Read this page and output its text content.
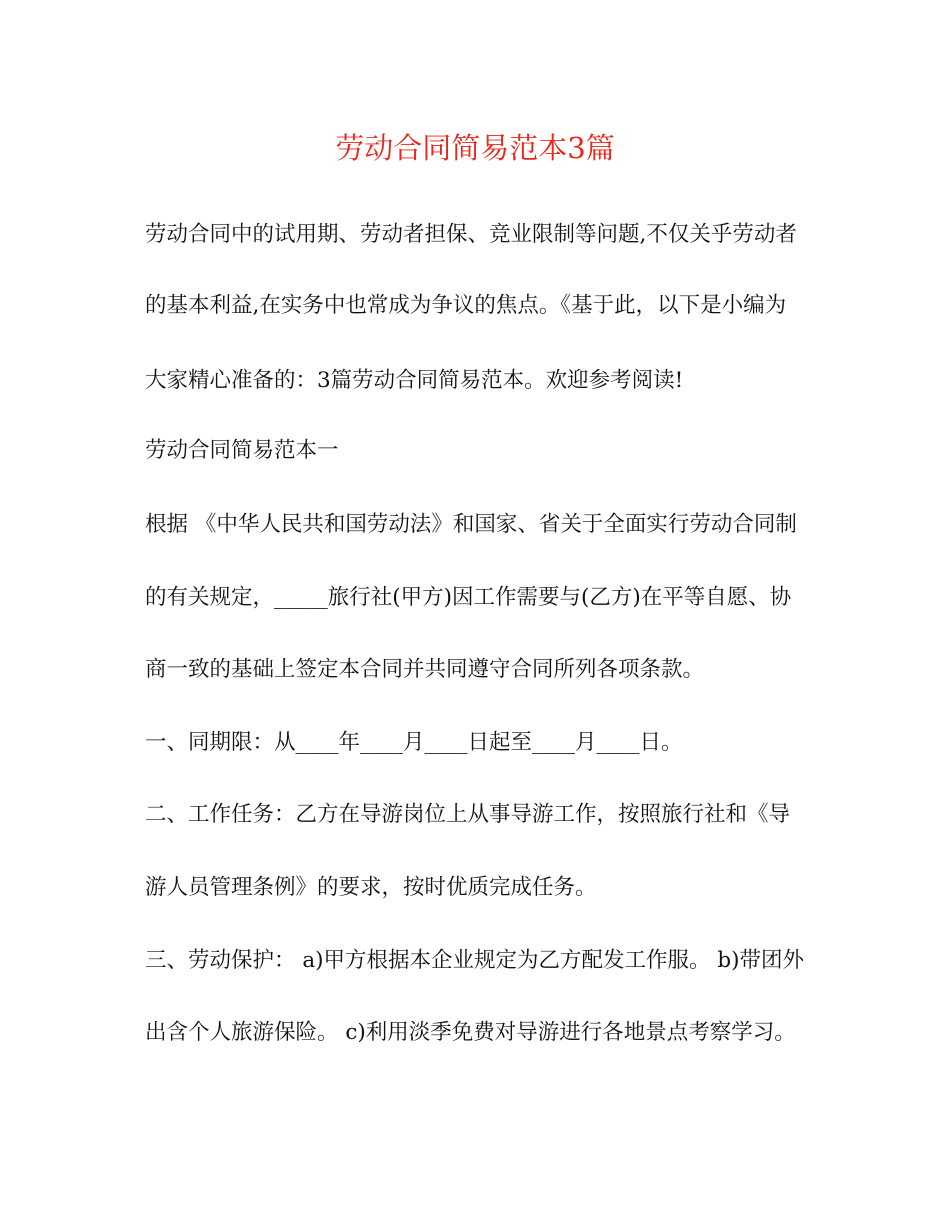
劳动合同简易范本3篇
劳动合同中的试用期、劳动者担保、竞业限制等问题,不仅关乎劳动者
的基本利益,在实务中也常成为争议的焦点。《基于此，以下是小编为
大家精心准备的：3篇劳动合同简易范本。欢迎参考阅读!
劳动合同简易范本一
根据 《中华人民共和国劳动法》和国家、省关于全面实行劳动合同制
的有关规定，_____旅行社(甲方)因工作需要与(乙方)在平等自愿、协
商一致的基础上签定本合同并共同遵守合同所列各项条款。
一、同期限：从____年____月____日起至____月____日。
二、工作任务：乙方在导游岗位上从事导游工作，按照旅行社和《导
游人员管理条例》的要求，按时优质完成任务。
三、劳动保护： a)甲方根据本企业规定为乙方配发工作服。 b)带团外
出含个人旅游保险。 c)利用淡季免费对导游进行各地景点考察学习。
